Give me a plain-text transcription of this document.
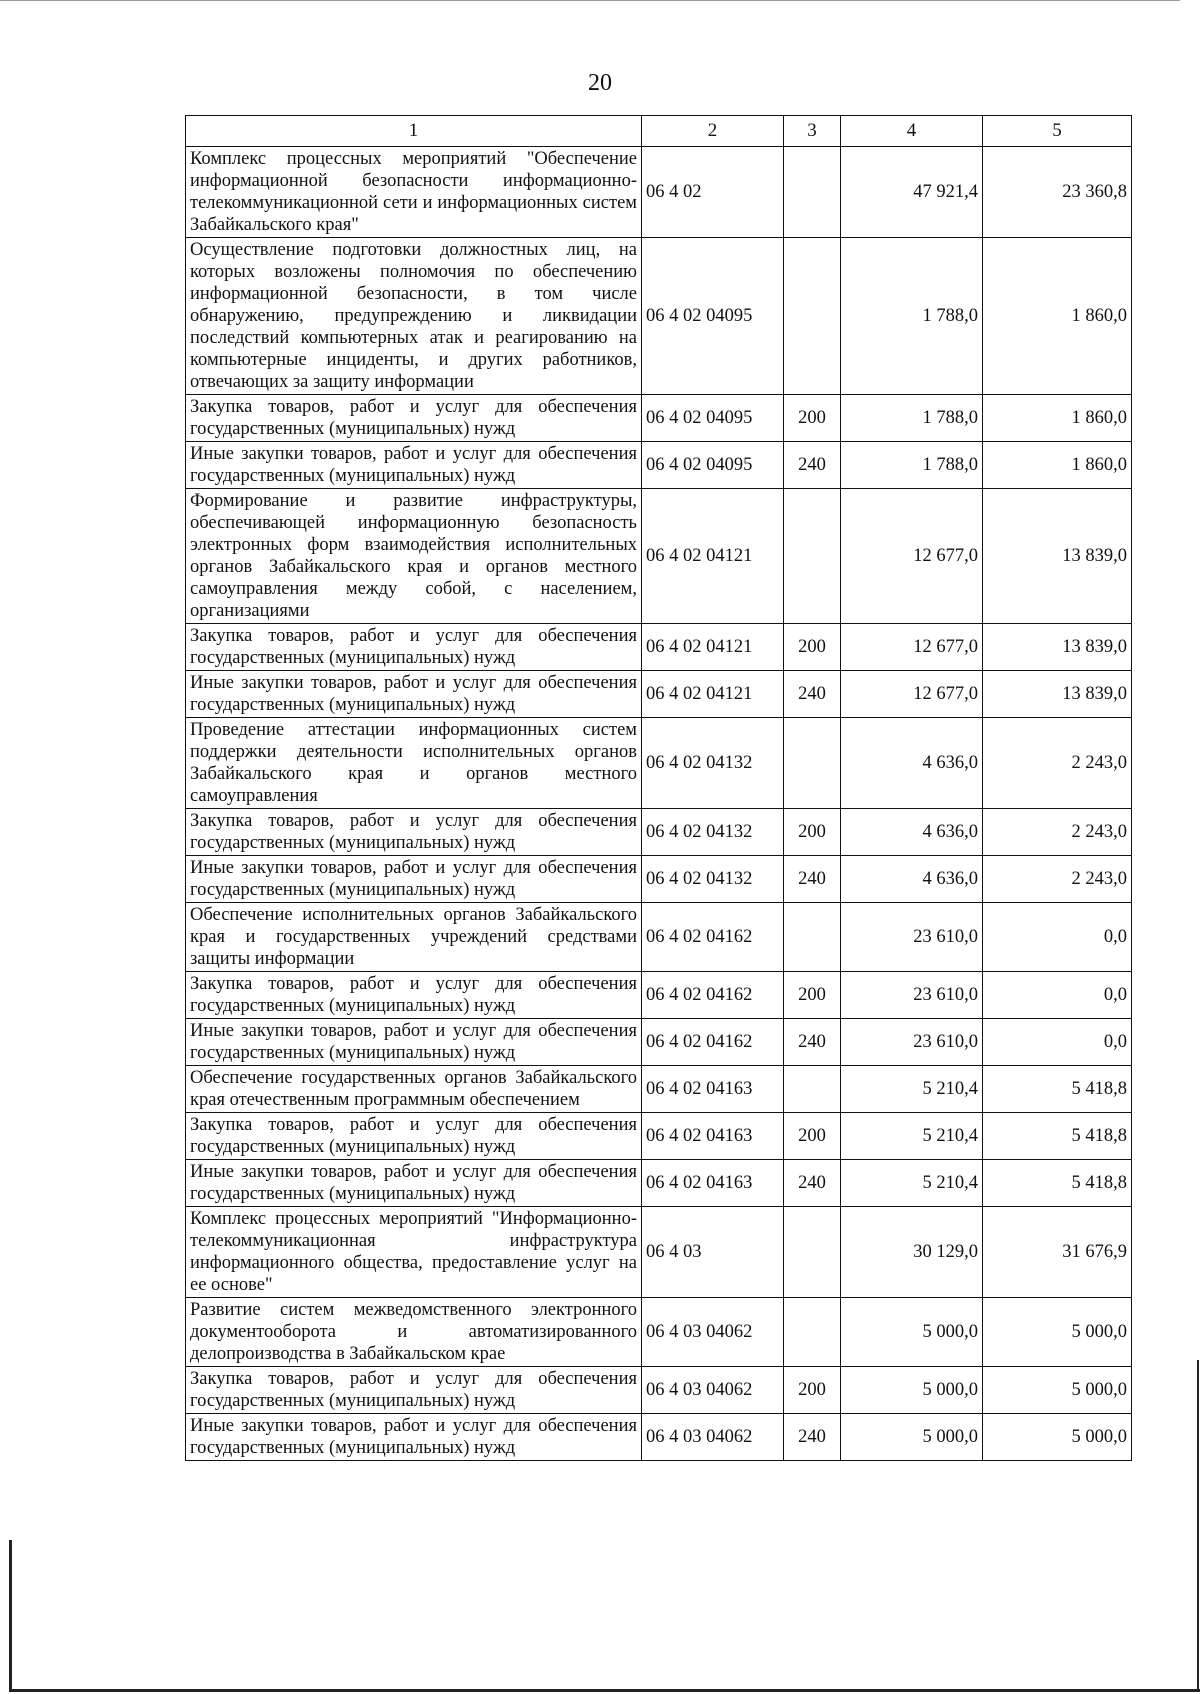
20
1	2	3	4	5
Комплекс процессных мероприятий "Обеспечение информационной безопасности информационно-телекоммуникационной сети и информационных систем Забайкальского края"	06 4 02		47 921,4	23 360,8
Осуществление подготовки должностных лиц, на которых возложены полномочия по обеспечению информационной безопасности, в том числе обнаружению, предупреждению и ликвидации последствий компьютерных атак и реагированию на компьютерные инциденты, и других работников, отвечающих за защиту информации	06 4 02 04095		1 788,0	1 860,0
Закупка товаров, работ и услуг для обеспечения государственных (муниципальных) нужд	06 4 02 04095	200	1 788,0	1 860,0
Иные закупки товаров, работ и услуг для обеспечения государственных (муниципальных) нужд	06 4 02 04095	240	1 788,0	1 860,0
Формирование и развитие инфраструктуры, обеспечивающей информационную безопасность электронных форм взаимодействия исполнительных органов Забайкальского края и органов местного самоуправления между собой, с населением, организациями	06 4 02 04121		12 677,0	13 839,0
Закупка товаров, работ и услуг для обеспечения государственных (муниципальных) нужд	06 4 02 04121	200	12 677,0	13 839,0
Иные закупки товаров, работ и услуг для обеспечения государственных (муниципальных) нужд	06 4 02 04121	240	12 677,0	13 839,0
Проведение аттестации информационных систем поддержки деятельности исполнительных органов Забайкальского края и органов местного самоуправления	06 4 02 04132		4 636,0	2 243,0
Закупка товаров, работ и услуг для обеспечения государственных (муниципальных) нужд	06 4 02 04132	200	4 636,0	2 243,0
Иные закупки товаров, работ и услуг для обеспечения государственных (муниципальных) нужд	06 4 02 04132	240	4 636,0	2 243,0
Обеспечение исполнительных органов Забайкальского края и государственных учреждений средствами защиты информации	06 4 02 04162		23 610,0	0,0
Закупка товаров, работ и услуг для обеспечения государственных (муниципальных) нужд	06 4 02 04162	200	23 610,0	0,0
Иные закупки товаров, работ и услуг для обеспечения государственных (муниципальных) нужд	06 4 02 04162	240	23 610,0	0,0
Обеспечение государственных органов Забайкальского края отечественным программным обеспечением	06 4 02 04163		5 210,4	5 418,8
Закупка товаров, работ и услуг для обеспечения государственных (муниципальных) нужд	06 4 02 04163	200	5 210,4	5 418,8
Иные закупки товаров, работ и услуг для обеспечения государственных (муниципальных) нужд	06 4 02 04163	240	5 210,4	5 418,8
Комплекс процессных мероприятий "Информационно-телекоммуникационная инфраструктура информационного общества, предоставление услуг на ее основе"	06 4 03		30 129,0	31 676,9
Развитие систем межведомственного электронного документооборота и автоматизированного делопроизводства в Забайкальском крае	06 4 03 04062		5 000,0	5 000,0
Закупка товаров, работ и услуг для обеспечения государственных (муниципальных) нужд	06 4 03 04062	200	5 000,0	5 000,0
Иные закупки товаров, работ и услуг для обеспечения государственных (муниципальных) нужд	06 4 03 04062	240	5 000,0	5 000,0
